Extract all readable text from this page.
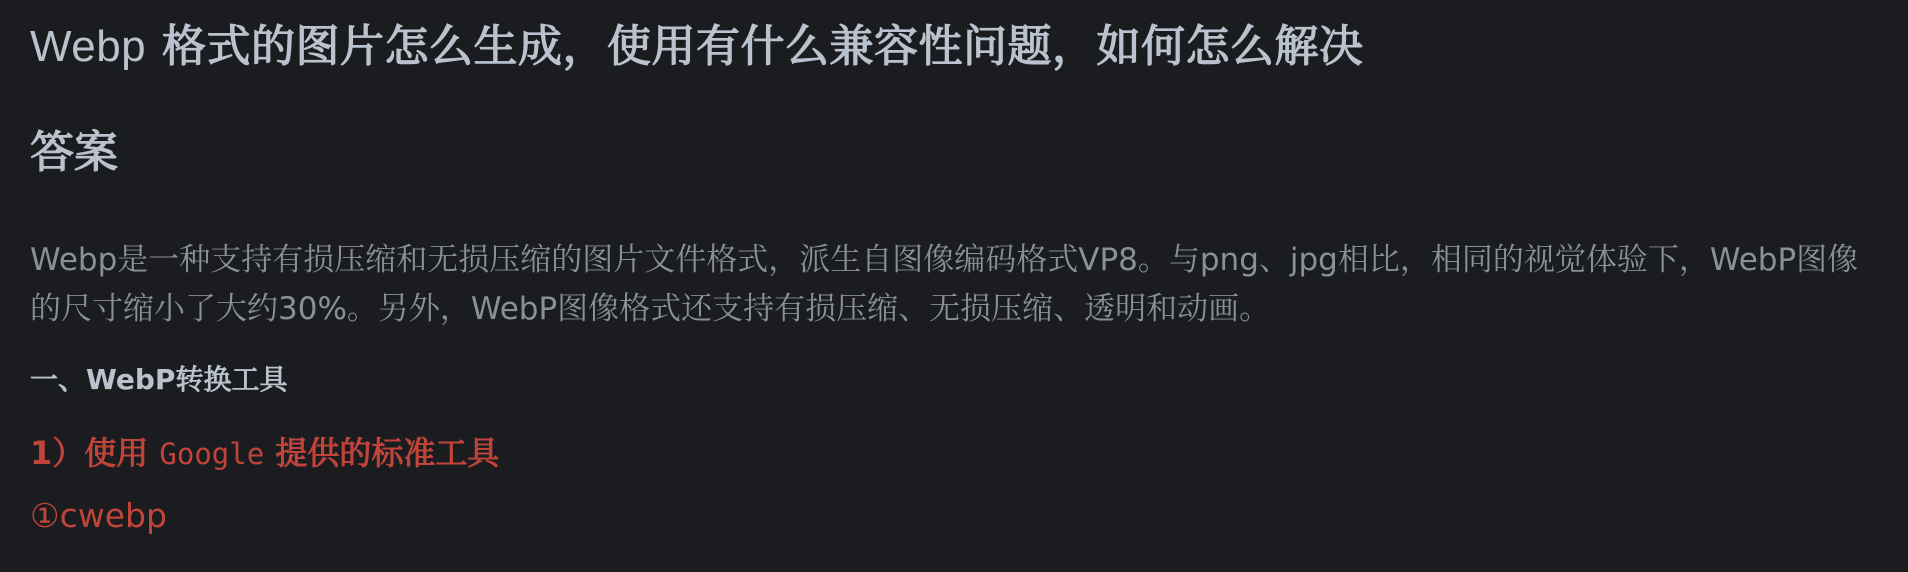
Webp 格式的图片怎么生成，使用有什么兼容性问题，如何怎么解决
答案

Webp是一种支持有损压缩和无损压缩的图片文件格式，派生自图像编码格式VP8。与png、jpg相比，相同的视觉体验下，WebP图像的尺寸缩小了大约30%。另外，WebP图像格式还支持有损压缩、无损压缩、透明和动画。

一、WebP转换工具
1）使用 Google 提供的标准工具

①cwebp
